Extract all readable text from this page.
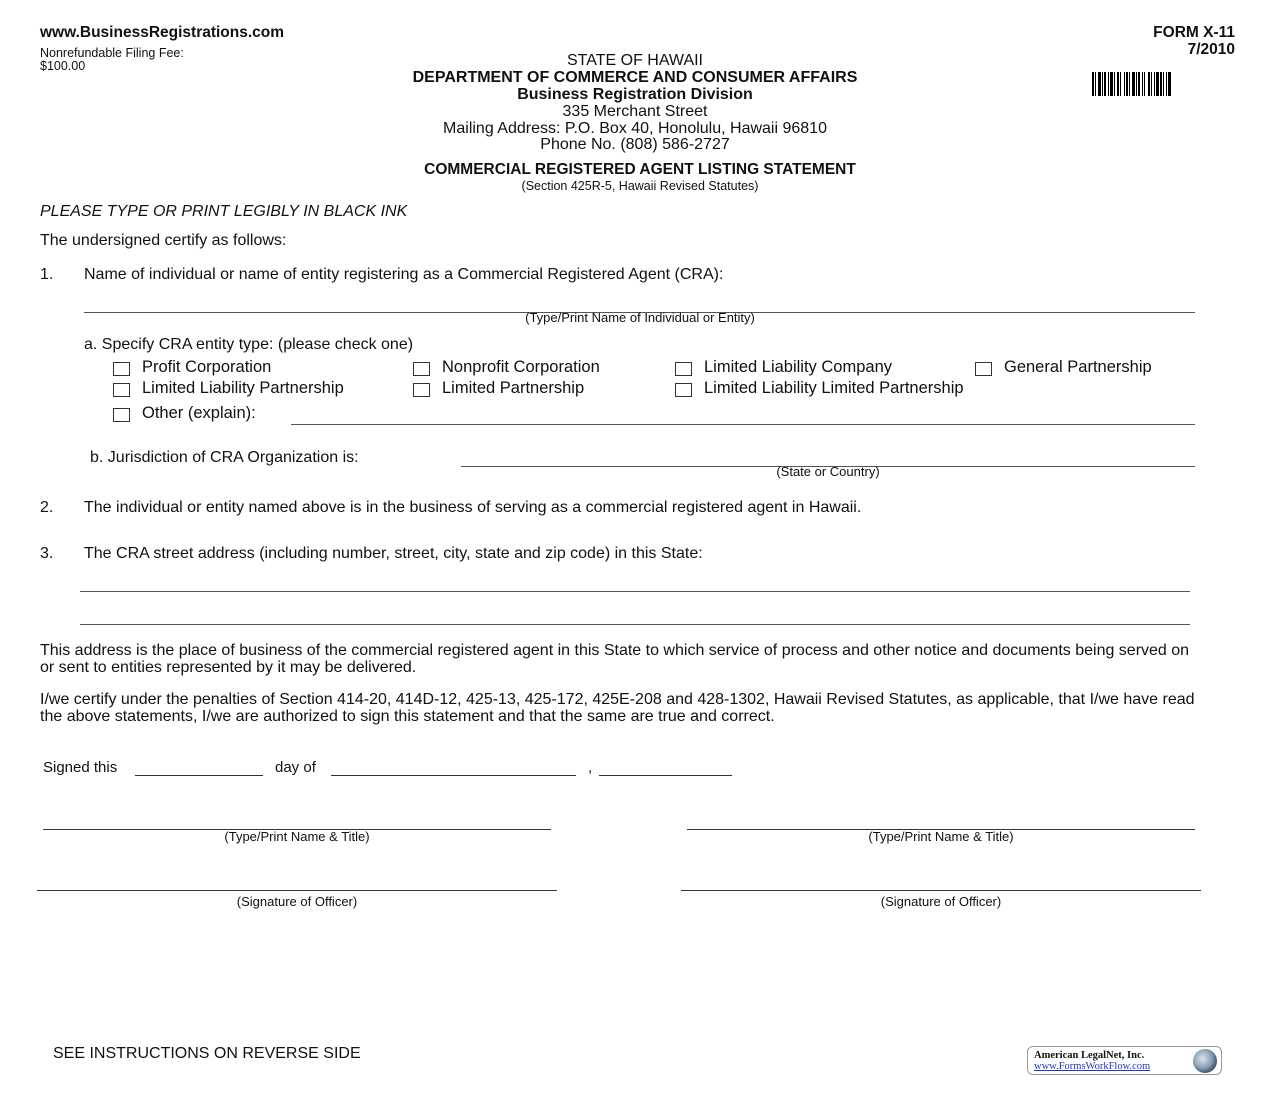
www.BusinessRegistrations.com
Nonrefundable Filing Fee:
$100.00
FORM X-11
7/2010
STATE OF HAWAII
DEPARTMENT OF COMMERCE AND CONSUMER AFFAIRS
Business Registration Division
335 Merchant Street
Mailing Address: P.O. Box 40, Honolulu, Hawaii 96810
Phone No. (808) 586-2727
COMMERCIAL REGISTERED AGENT LISTING STATEMENT
(Section 425R-5, Hawaii Revised Statutes)
PLEASE TYPE OR PRINT LEGIBLY IN BLACK INK
The undersigned certify as follows:
1. Name of individual or name of entity registering as a Commercial Registered Agent (CRA):
(Type/Print Name of Individual or Entity)
a. Specify CRA entity type: (please check one)
Profit Corporation	Nonprofit Corporation	Limited Liability Company	General Partnership
Limited Liability Partnership	Limited Partnership	Limited Liability Limited Partnership
Other (explain):
b. Jurisdiction of CRA Organization is:
(State or Country)
2. The individual or entity named above is in the business of serving as a commercial registered agent in Hawaii.
3. The CRA street address (including number, street, city, state and zip code) in this State:
This address is the place of business of the commercial registered agent in this State to which service of process and other notice and documents being served on or sent to entities represented by it may be delivered.
I/we certify under the penalties of Section 414-20, 414D-12, 425-13, 425-172, 425E-208 and 428-1302, Hawaii Revised Statutes, as applicable, that I/we have read the above statements, I/we are authorized to sign this statement and that the same are true and correct.
Signed this	day of	,
(Type/Print Name & Title)	(Type/Print Name & Title)
(Signature of Officer)	(Signature of Officer)
SEE INSTRUCTIONS ON REVERSE SIDE	American LegalNet, Inc.
www.FormsWorkFlow.com
